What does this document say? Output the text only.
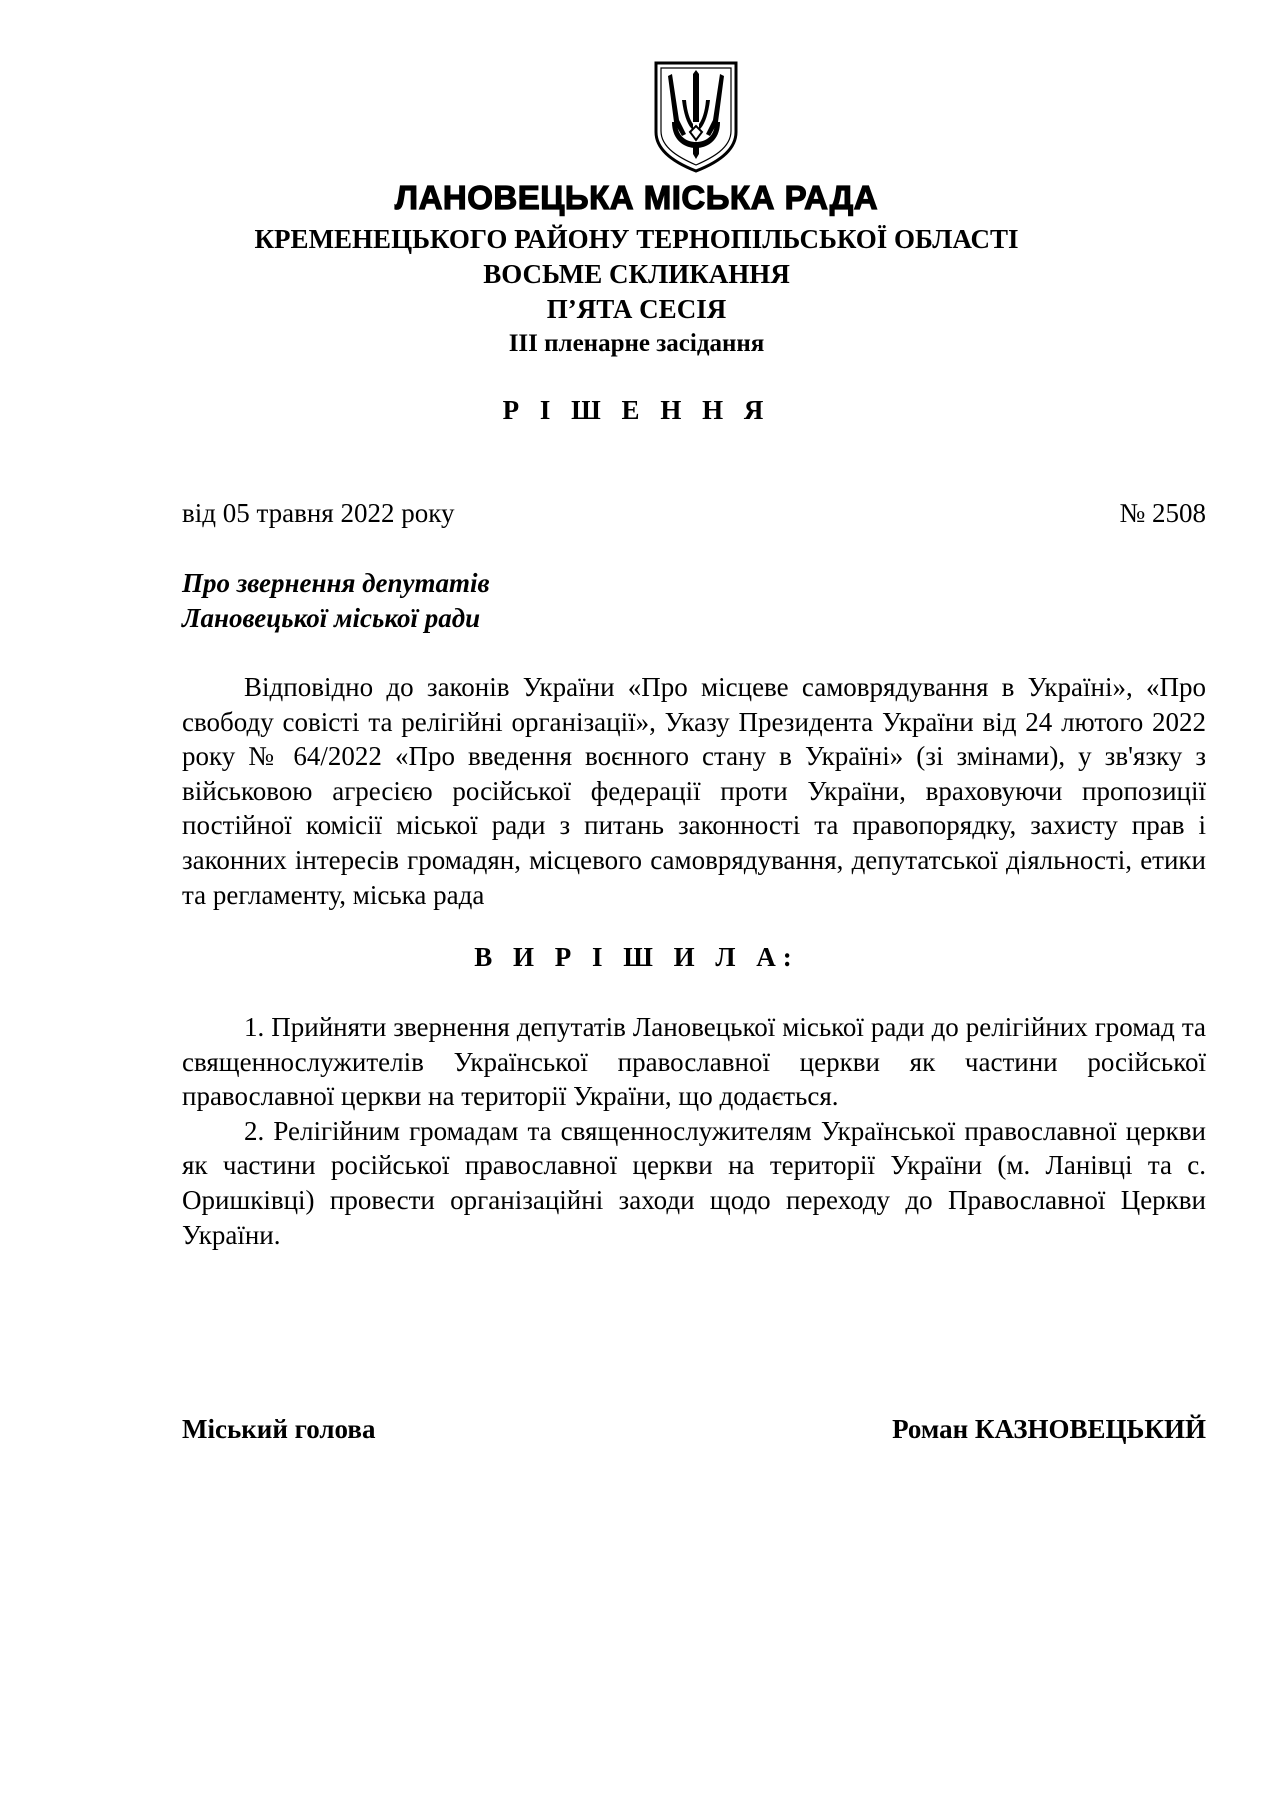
ЛАНОВЕЦЬКА МІСЬКА РАДА
КРЕМЕНЕЦЬКОГО РАЙОНУ ТЕРНОПІЛЬСЬКОЇ ОБЛАСТІ
ВОСЬМЕ СКЛИКАННЯ
П’ЯТА СЕСІЯ
ІІІ пленарне засідання
Р І Ш Е Н Н Я
від 05 травня 2022 року	№ 2508
Про звернення депутатів
Лановецької міської ради
Відповідно до законів України «Про місцеве самоврядування в Україні», «Про свободу совісті та релігійні організації», Указу Президента України від 24 лютого 2022 року № 64/2022 «Про введення воєнного стану в Україні» (зі змінами), у зв'язку з військовою агресією російської федерації проти України, враховуючи пропозиції постійної комісії міської ради з питань законності та правопорядку, захисту прав і законних інтересів громадян, місцевого самоврядування, депутатської діяльності, етики та регламенту, міська рада
В И Р І Ш И Л А:
1. Прийняти звернення депутатів Лановецької міської ради до релігійних громад та священнослужителів Української православної церкви як частини російської православної церкви на території України, що додається.
2. Релігійним громадам та священнослужителям Української православної церкви як частини російської православної церкви на території України (м. Ланівці та с. Оришківці) провести організаційні заходи щодо переходу до Православної Церкви України.
Міський голова	Роман КАЗНОВЕЦЬКИЙ
